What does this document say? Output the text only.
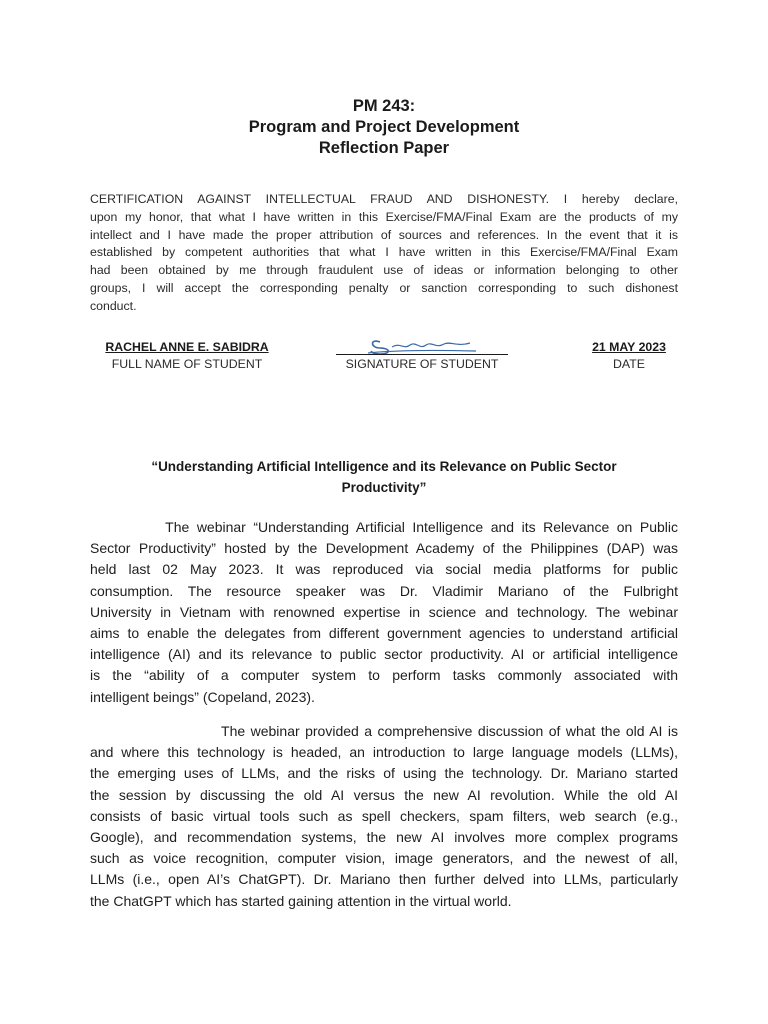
PM 243:
Program and Project Development
Reflection Paper
CERTIFICATION AGAINST INTELLECTUAL FRAUD AND DISHONESTY. I hereby declare,
upon my honor, that what I have written in this Exercise/FMA/Final Exam are the products of my
intellect and I have made the proper attribution of sources and references. In the event that it is
established by competent authorities that what I have written in this Exercise/FMA/Final Exam
had been obtained by me through fraudulent use of ideas or information belonging to other
groups, I will accept the corresponding penalty or sanction corresponding to such dishonest
conduct.
RACHEL ANNE E. SABIDRA
FULL NAME OF STUDENT	SIGNATURE OF STUDENT
21 MAY 2023
DATE
“Understanding Artificial Intelligence and its Relevance on Public Sector
Productivity”
The webinar “Understanding Artificial Intelligence and its Relevance on Public
Sector Productivity” hosted by the Development Academy of the Philippines (DAP) was
held last 02 May 2023. It was reproduced via social media platforms for public
consumption. The resource speaker was Dr. Vladimir Mariano of the Fulbright
University in Vietnam with renowned expertise in science and technology. The webinar
aims to enable the delegates from different government agencies to understand artificial
intelligence (AI) and its relevance to public sector productivity. AI or artificial intelligence
is the “ability of a computer system to perform tasks commonly associated with
intelligent beings” (Copeland, 2023).
The webinar provided a comprehensive discussion of what the old AI is
and where this technology is headed, an introduction to large language models (LLMs),
the emerging uses of LLMs, and the risks of using the technology. Dr. Mariano started
the session by discussing the old AI versus the new AI revolution. While the old AI
consists of basic virtual tools such as spell checkers, spam filters, web search (e.g.,
Google), and recommendation systems, the new AI involves more complex programs
such as voice recognition, computer vision, image generators, and the newest of all,
LLMs (i.e., open AI’s ChatGPT). Dr. Mariano then further delved into LLMs, particularly
the ChatGPT which has started gaining attention in the virtual world.
